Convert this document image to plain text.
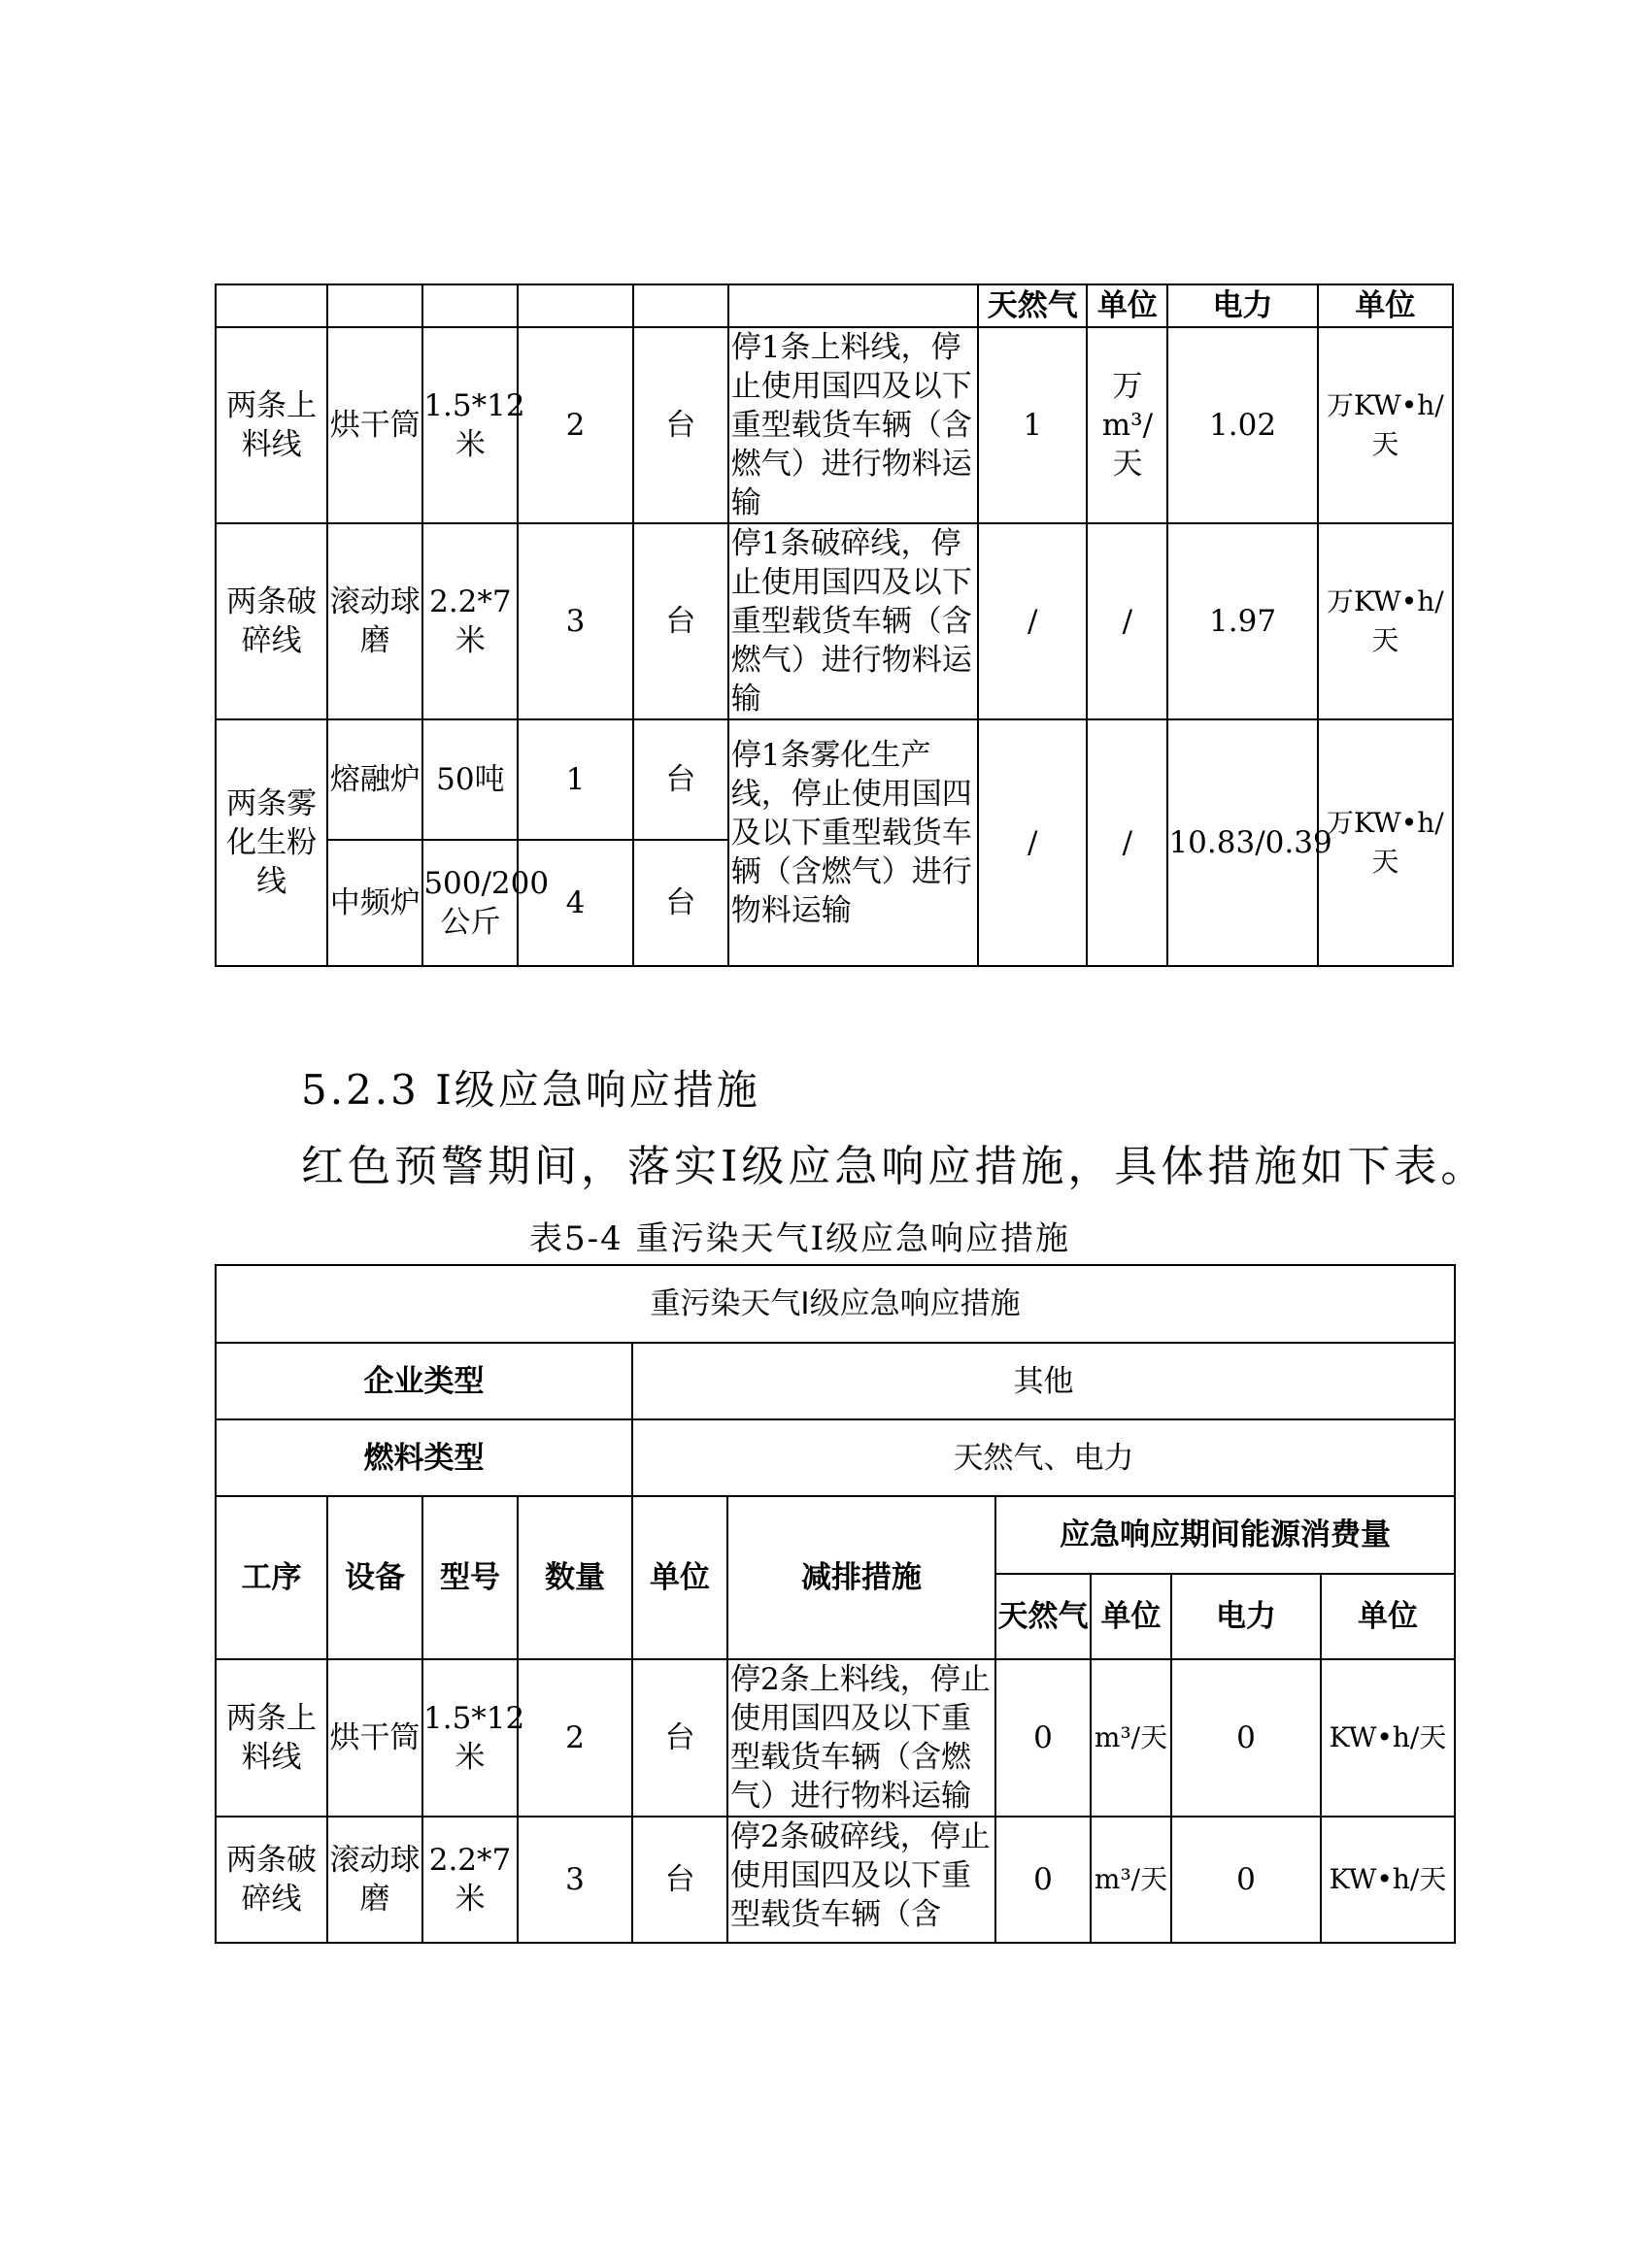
						天然气	单位	电力	单位
两条上料线	烘干筒	1.5*12米	2	台	停1条上料线，停止使用国四及以下重型载货车辆（含燃气）进行物料运输	1	万m³/天	1.02	万KW•h/天
两条破碎线	滚动球磨	2.2*7米	3	台	停1条破碎线，停止使用国四及以下重型载货车辆（含燃气）进行物料运输	/	/	1.97	万KW•h/天
两条雾化生粉线	熔融炉	50吨	1	台	停1条雾化生产线，停止使用国四及以下重型载货车辆（含燃气）进行物料运输	/	/	10.83/0.39	万KW•h/天
	中频炉	500/200公斤	4	台					
5.2.3 Ⅰ级应急响应措施
红色预警期间，落实Ⅰ级应急响应措施，具体措施如下表。
表5-4 重污染天气Ⅰ级应急响应措施
重污染天气Ⅰ级应急响应措施									
企业类型				其他					
燃料类型				天然气、电力					
工序	设备	型号	数量	单位	减排措施	应急响应期间能源消费量			
						天然气	单位	电力	单位
两条上料线	烘干筒	1.5*12米	2	台	停2条上料线，停止使用国四及以下重型载货车辆（含燃气）进行物料运输	0	m³/天	0	KW•h/天
两条破碎线	滚动球磨	2.2*7米	3	台	停2条破碎线，停止使用国四及以下重型载货车辆（含	0	m³/天	0	KW•h/天
